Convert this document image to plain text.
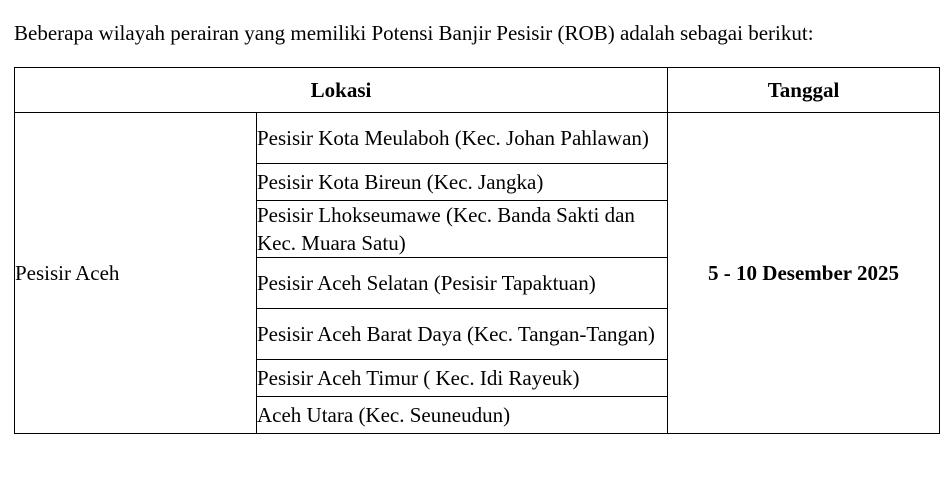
Beberapa wilayah perairan yang memiliki Potensi Banjir Pesisir (ROB) adalah sebagai berikut:
Lokasi		Tanggal
Pesisir Aceh	Pesisir Kota Meulaboh (Kec. Johan Pahlawan)	5 - 10 Desember 2025
	Pesisir Kota Bireun (Kec. Jangka)	
	Pesisir Lhokseumawe (Kec. Banda Sakti dan Kec. Muara Satu)	
	Pesisir Aceh Selatan (Pesisir Tapaktuan)	
	Pesisir Aceh Barat Daya (Kec. Tangan-Tangan)	
	Pesisir Aceh Timur ( Kec. Idi Rayeuk)	
	Aceh Utara (Kec. Seuneudun)	
